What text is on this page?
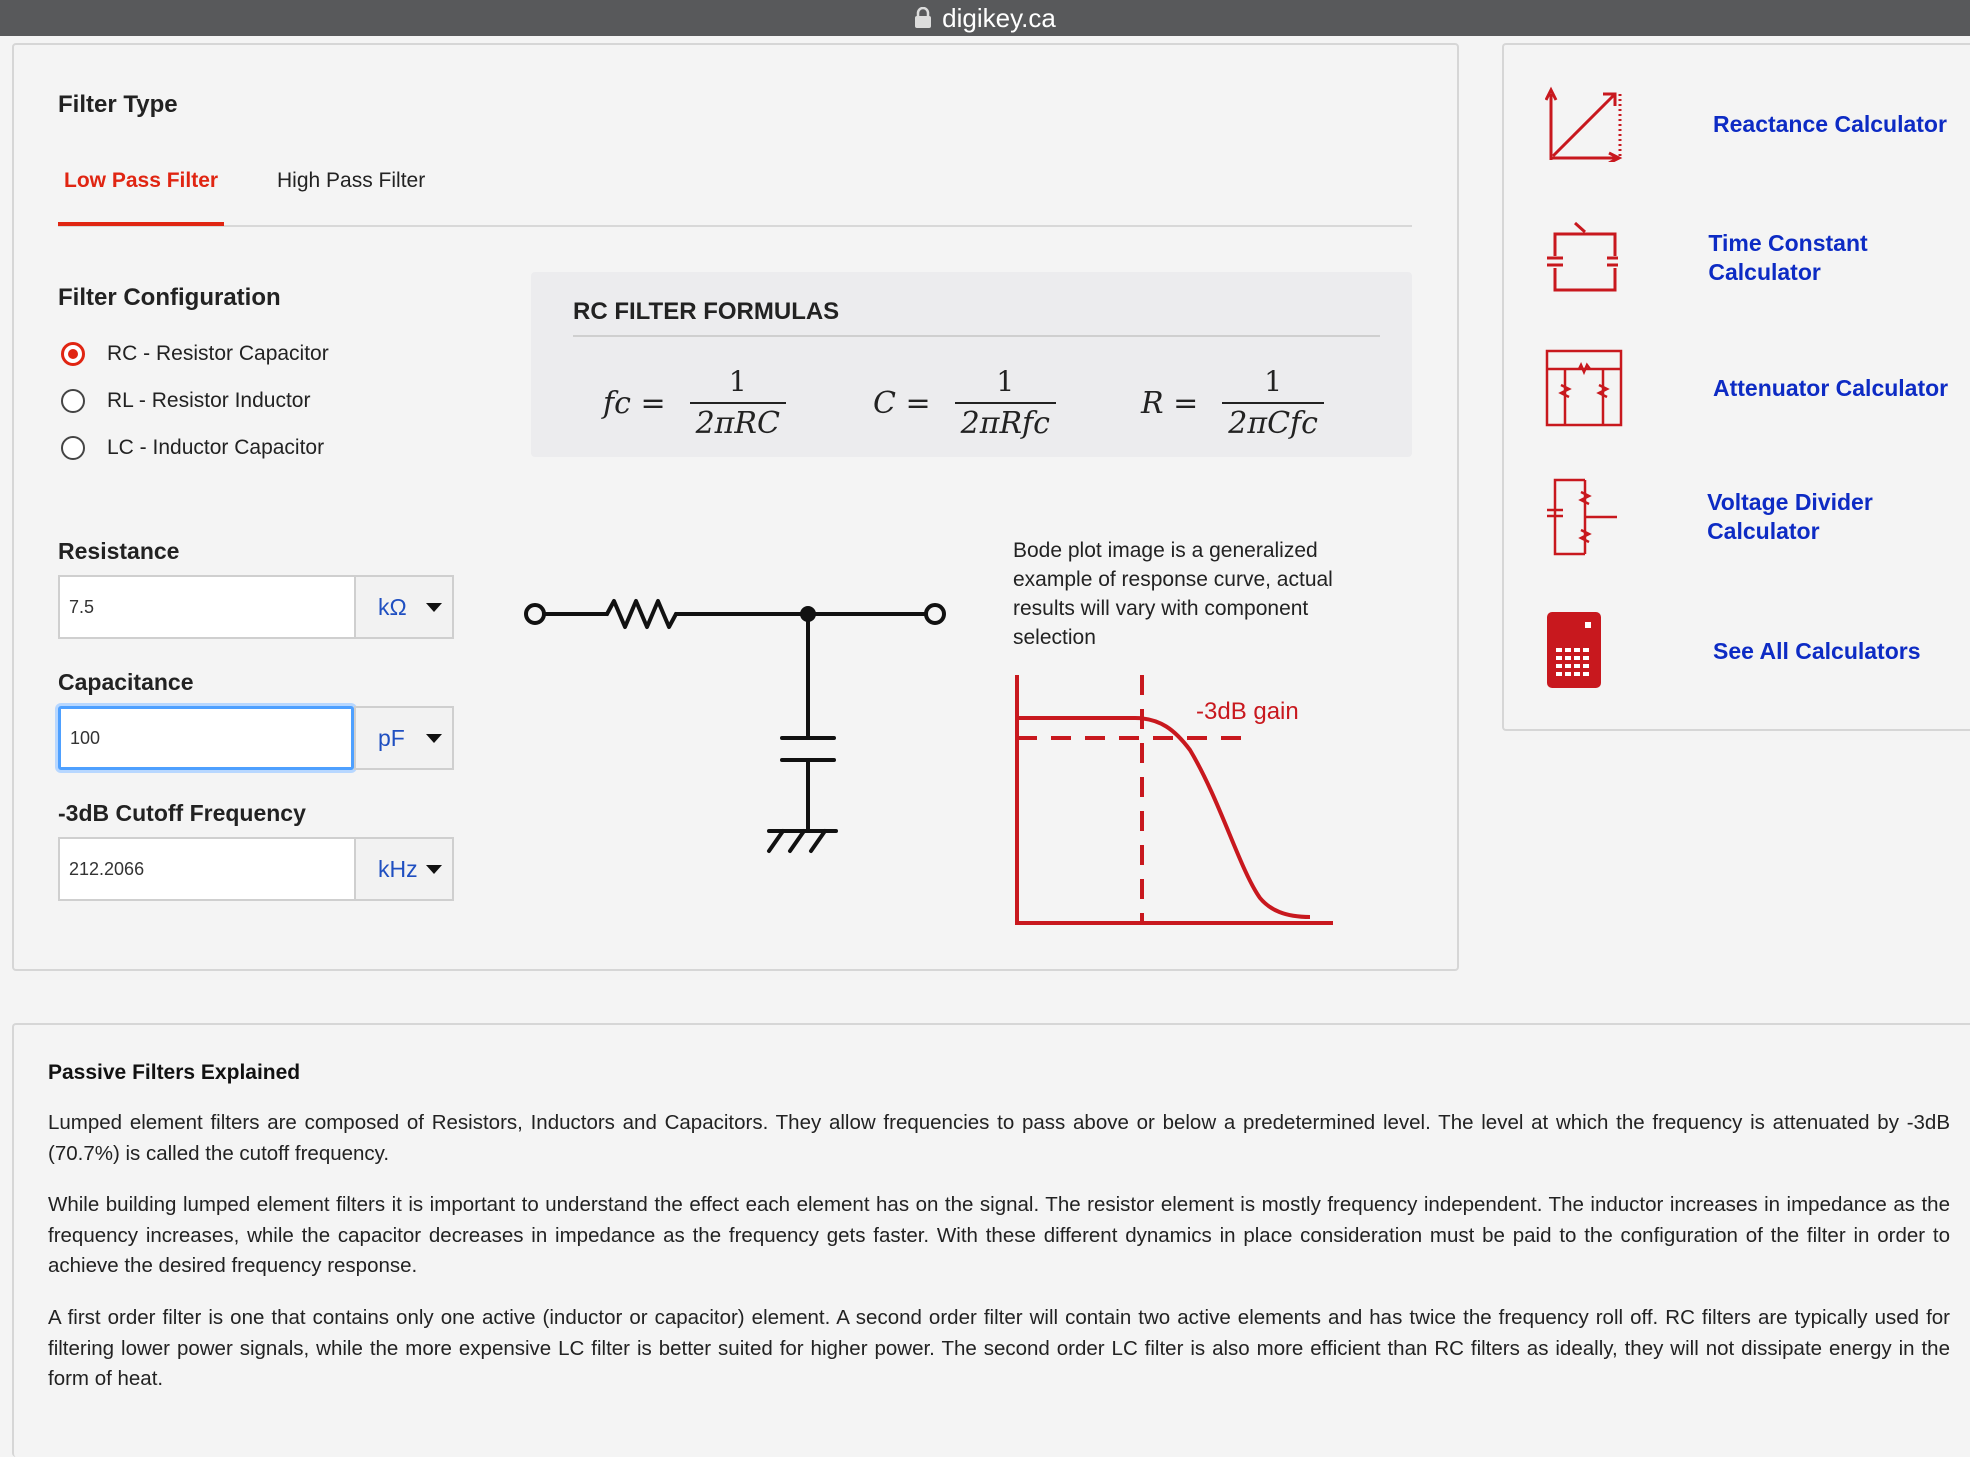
digikey.ca
Filter Type
Low Pass Filter	High Pass Filter
Filter Configuration
RC - Resistor Capacitor
RL - Resistor Inductor
LC - Inductor Capacitor
Resistance
7.5	kΩ
Capacitance
100	pF
-3dB Cutoff Frequency
212.2066	kHz
RC FILTER FORMULAS
fc = $\frac{1}{\text{2πRC}}$	$C = \frac{1}{\text{2πRfc}}$	$R = \frac{1}{\text{2πCfc}}$
Bode plot image is a generalized example of response curve, actual results will vary with component selection
-3dB gain
Reactance Calculator
Time Constant Calculator
Attenuator Calculator
Voltage Divider Calculator
See All Calculators
Passive Filters Explained

Lumped element filters are composed of Resistors, Inductors and Capacitors. They allow frequencies to pass above or below a predetermined level. The level at which the frequency is attenuated by -3dB (70.7%) is called the cutoff frequency.

While building lumped element filters it is important to understand the effect each element has on the signal. The resistor element is mostly frequency independent. The inductor increases in impedance as the frequency increases, while the capacitor decreases in impedance as the frequency gets faster. With these different dynamics in place consideration must be paid to the configuration of the filter in order to achieve the desired frequency response.

A first order filter is one that contains only one active (inductor or capacitor) element. A second order filter will contain two active elements and has twice the frequency roll off. RC filters are typically used for filtering lower power signals, while the more expensive LC filter is better suited for higher power. The second order LC filter is also more efficient than RC filters as ideally, they will not dissipate energy in the form of heat.
